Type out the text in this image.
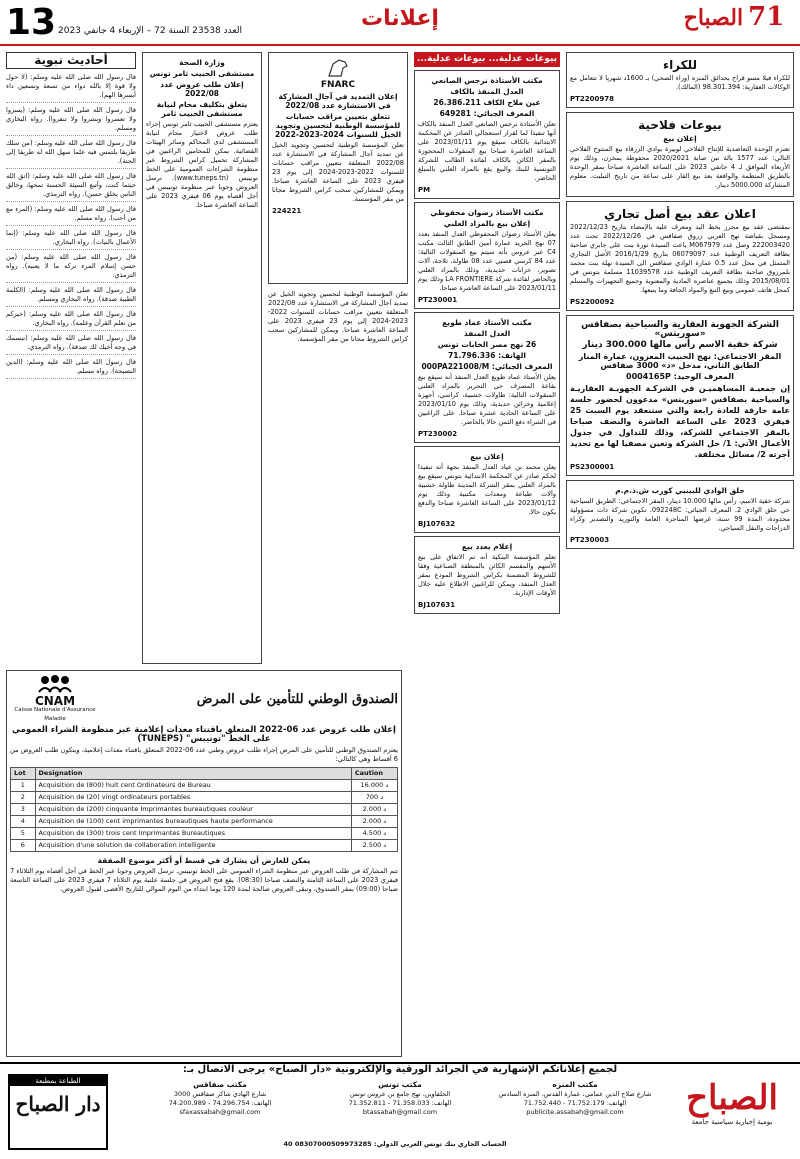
13 العدد 23538 السنة 72 – الإربعاء 4 جانفي 2023	إعلانات	71 الصباح
للكراء

للكراء فيلا مسو قراج بحدائق المنزه (وراء الصحي) بـ 1600د شهريا لا تتعامل مع الوكالات العقارية: 98.301.394 (المالك).

PT2200978
بيوعات فلاحية
إعلان بيع

تعتزم الوحدة التعاضدية للإنتاج الفلاحي لوبيرة بوادي الزرقاء بيع المنتوج الفلاحي التالي: عدد 1577 بالة تبن صابة 2020/2021 محفوظة بمخزن، وذلك يوم الأربعاء الموافق لـ 4 جانفي 2023 على الساعة العاشرة صباحا بمقر الوحدة بالطريق المنظمة والواقعة بعد بيع القار على ساعة من تاريخ التبليت. معلوم المشاركة 5000.000 دينار.

اعلان عقد بيع أصل تجاري

بمقتضى عقد بيع محرر بخط اليد ومعرف عليه بالإمضاء بتاريخ 2022/12/23 ومسجل بقباضة نهج العربي زروق صفاقس في 2022/12/26 تحت عدد 222003420 وصل عدد M067979 باعت السيدة نورة بنت علي جابري صاحبة بطاقة التعريف الوطنية عدد 06079097 بتاريخ 2016/1/29 الأصل التجاري المتمثل في محل عدد 0.5 عمارة الوادي صفاقس الى السيدة نهلة بنت محمد بلمرزوق صاحبة بطاقة التعريف الوطنية عدد 11039578 مسلمة بتونس في 2015/08/01 وذلك بجميع عناصره المادية والمعنوية وجميع التجهيزات والمسلم كمحل هاتف عمومي وبيع التبغ والمواد الجافة وما يتبعها.

PS2200092
الشركة الجهوية العقارية والسياحية بصفاقس «سوريتس»
شركة خفية الاسم رأس مالها 300.000 دينار
المقر الاجتماعي: نهج الحبيب المعزون، عمارة المنار الطابق الثاني، مدخل «د» 3000 صفاقس
المعرف الوحيد: 0004165P

إن جمعيـة المساهميـن في الشركـة الجهويـة العقاريـة والسياحية بصفاقس «سوريتس» مدعوون لحضور جلسة عامة خارقة للعادة رابعة والتي ستنعقد يوم السبت 25 فيفري 2023 على الساعة العاشرة والنصف صباحا بالمقر الاجتماعي للشركة، وذلك للتداول في جدول الأعمال الآتي: 1/ حل الشركة وتعين مصفيا لها مع تحديد أجرته 2/ مسائل مختلفة.

PS2300001
حلق الوادي للبينبي كورب ش.ذ.م.م

شركة خفية الاسم، رأس مالها 10.000 دينار، المقر الاجتماعي: الطريق السياحية حي حلق الوادي 2. المعرف الجبائي: 092248C. تكوين شركة ذات مسؤولية محدودة، المدة 99 سنة، غرضها المتاجرة العامة والتوريد والتصدير وكراء الدراجات والنقل السياحي.

PT230003
بيوعات عدلية... بيوعات عدلية...
مكتب الأستاذة نرجس الصانعي
العدل المنفذ بالكاف
عين ملاح الكاف 26.386.211
المعرف الجبائي: 649281

تعلن الأستاذة نرجس الصانعي العدل المنفذ بالكاف أنها تنفيذا لما لقرار استعجالي الصادر عن المحكمة الابتدائية بالكاف سيقع يوم 2023/01/11 على الساعة العاشرة صباحا بيع المنقولات المحجوزة بالمقر الكائن بالكاف لفائدة الطالب للشركة التونسية للبنك والبيع يقع بالمزاد العلني بالمبلغ الحاضر.

PM
مكتب الأستاذ رضوان محفوظي
إعلان بيع بالمزاد العلني

يعلن الأستاذ رضوان المحفوظي العدل المنفذ بعدد 07 نهج الجريد عمارة أمين الطابق الثالث مكتب C4 عبر عروس بأنه سيتم بيع المنقولات التالية: عدد 84 كرسي قصبي عدد 08 طاولة، ثلاجة، آلات تصوير، خزانات حديدية، وذلك بالمزاد العلني وبالحاضر لفائدة شركة LA FRONTIERE وذلك يوم 2023/01/11 على الساعة العاشرة صباحا.

PT230001
مكتب الأستاذ عماد طويع
العدل المنفذ
26 نهج مصر الخابات تونس
الهاتف: 71.796.336
المعرف الجبائي: 000PA221008/M

يعلن الأستاذ عماد طويع العدل المنفذ أنه سيقع بيع بقاعة المصرف حي التحرير بالمزاد العلني المنقولات التالية: طاولات خشبية، كراسي، أجهزة إعلامية وخزائن حديدية، وذلك يوم 2023/01/10 على الساعة الحادية عشرة صباحا. على الراغبين في الشراء دفع الثمن حالا بالحاضر.

PT230002
إعلان بيع

يعلن محمد بن عياد العدل المنفذ بجهة أنه تنفيذا لحكم صادر عن المحكمة الابتدائية بتونس سيقع بيع بالمزاد العلني بمقر الشركة المدينة طاولة خشبية وآلات طباعة ومعدات مكتبية وذلك يوم 2023/01/12 على الساعة العاشرة صباحا والدفع يكون حالا.

BJ107632
إعلام بعدد بيع

تعلم المؤسسة البنكية أنه تم الاتفاق على بيع الأسهم والمقسم الكائن بالمنطقة الصناعية وفقا للشروط المضمنة بكراس الشروط المودع بمقر العدل المنفذ، ويمكن للراغبين الاطلاع عليه خلال الأوقات الإدارية.

BJ107631
FNARC
إعلان التمديد في آجال المشاركة في الاستشارة عدد 2022/08
تتعلق بتعيين مراقب حسابات للمؤسسة الوطنية لتحسين وتجويد الخيل للسنوات 2024-2023-2022

تعلن المؤسسة الوطنية لتحسين وتجويد الخيل عن تمديد آجال المشاركة في الاستشارة عدد 2022/08 المتعلقة بتعيين مراقب حسابات للسنوات 2022-2023-2024 إلى يوم 23 فيفري 2023 على الساعة العاشرة صباحا. ويمكن للمشاركين سحب كراس الشروط مجانا من مقر المؤسسة.

224221
وزارة الصحة
مستشفى الحبيب ثامر تونس
إعلان طلب عروض عدد 2022/08
يتعلق بتكليف محام لنيابة مستشفى الحبيب ثامر

يعتزم مستشفى الحبيب ثامر تونس إجراء طلب عروض لاختيار محام لنيابة المستشفى لدى المحاكم وسائر الهيئات القضائية. يمكن للمحامين الراغبين في المشاركة تحميل كراس الشروط عبر منظومة الشراءات العمومية على الخط تونيبس (www.tuneps.tn). ترسل العروض وجوبا عبر منظومة تونيبس في أجل أقصاه يوم 06 فيفري 2023 على الساعة العاشرة صباحا.

تعلن المؤسسة الوطنية لتحسين وتجويد الخيل عن تمديد آجال المشاركة في الاستشارة عدد 2022/08 المتعلقة بتعيين مراقب حسابات للسنوات 2022-2023-2024 إلى يوم 23 فيفري 2023 على الساعة العاشرة صباحا. ويمكن للمشاركين سحب كراس الشروط مجانا من مقر المؤسسة.

أحاديث نبوية

قال رسول الله صلى الله عليه وسلم: (لا حول ولا قوة إلا بالله دواء من تسعة وتسعين داء أيسرها الهم).

قال رسول الله صلى الله عليه وسلم: (يسروا ولا تعسروا وبشروا ولا تنفروا). رواه البخاري ومسلم.

قال رسول الله صلى الله عليه وسلم: (من سلك طريقا يلتمس فيه علما سهل الله له طريقا إلى الجنة).

قال رسول الله صلى الله عليه وسلم: (اتق الله حيثما كنت، وأتبع السيئة الحسنة تمحها، وخالق الناس بخلق حسن). رواه الترمذي.

قال رسول الله صلى الله عليه وسلم: (المرء مع من أحب). رواه مسلم.

قال رسول الله صلى الله عليه وسلم: (إنما الأعمال بالنيات). رواه البخاري.

قال رسول الله صلى الله عليه وسلم: (من حسن إسلام المرء تركه ما لا يعنيه). رواه الترمذي.

قال رسول الله صلى الله عليه وسلم: (الكلمة الطيبة صدقة). رواه البخاري ومسلم.

قال رسول الله صلى الله عليه وسلم: (خيركم من تعلم القرآن وعلمه). رواه البخاري.

قال رسول الله صلى الله عليه وسلم: (تبسمك في وجه أخيك لك صدقة). رواه الترمذي.

قال رسول الله صلى الله عليه وسلم: (الدين النصيحة). رواه مسلم.

CNAM
Caisse Nationale d'Assurance Maladie
الصندوق الوطني للتأمين على المرض
إعلان طلب عروض عدد 06-2022 المتعلق باقتناء معدات إعلامية عبر منظومة الشراء العمومي على الخط "تونيبس" (TUNEPS)

يعتزم الصندوق الوطني للتأمين على المرض إجراء طلب عروض وطني عدد 06-2022 المتعلق باقتناء معدات إعلامية، ويتكون طلب العروض من 6 أقساط وهي كالتالي:

Lot	Designation	Caution
1	Acquisition de (800) huit cent Ordinateurs de Bureau	16.000 د
2	Acquisition de (20) vingt ordinateurs portables	700 د
3	Acquisition de (200) cinquante Imprimantes bureautiques couleur	2.000 د
4	Acquisition de (100) cent imprimantes bureautiques haute performance	2.000 د
5	Acquisition de (300) trois cent Imprimantes Bureautiques	4.500 د
6	Acquisition d'une solution de collaboration intelligente	2.500 د
يمكن للعارض أن يشارك في قسط أو أكثر موضوع الصفقة

تتم المشاركة في طلب العروض عبر منظومة الشراء العمومي على الخط تونيبس. ترسل العروض وجوبا عبر الخط في أجل أقصاه يوم الثلاثاء 7 فيفري 2023 على الساعة الثامنة والنصف صباحا (08:30). يقع فتح العروض في جلسة علنية يوم الثلاثاء 7 فيفري 2023 على الساعة التاسعة صباحا (09:00) بمقر الصندوق، وتبقى العروض صالحة لمدة 120 يوما ابتداء من اليوم الموالي للتاريخ الأقصى لقبول العروض.

لجميع إعلاناتكم الإشهارية في الجرائد الورقية والإلكترونية «دار الصباح» يرجى الاتصال بـ:
الصباح
يومية إخبارية سياسية جامعة
مكتب المنزه
شارع صلاح الدين عمامي، عمارة القدس، المنزه السادس
الهاتف: 71.752.179 - 71.752.440
publicite.assabah@gmail.com
مكتب تونس
الحلفاوين، نهج جامع بن عروس تونس
الهاتف: 71.358.033 - 71.352.811
btassabah@gmail.com
مكتب صفاقس
شارع الهادي شاكر صفاقس 3000
الهاتف: 74.296.754 - 74.200.989
sfaxassabah@gmail.com
الحساب الجاري بنك تونس العربي الدولي: 08307000509973285 40
الطباعة بمطبعة
دار الصباح
